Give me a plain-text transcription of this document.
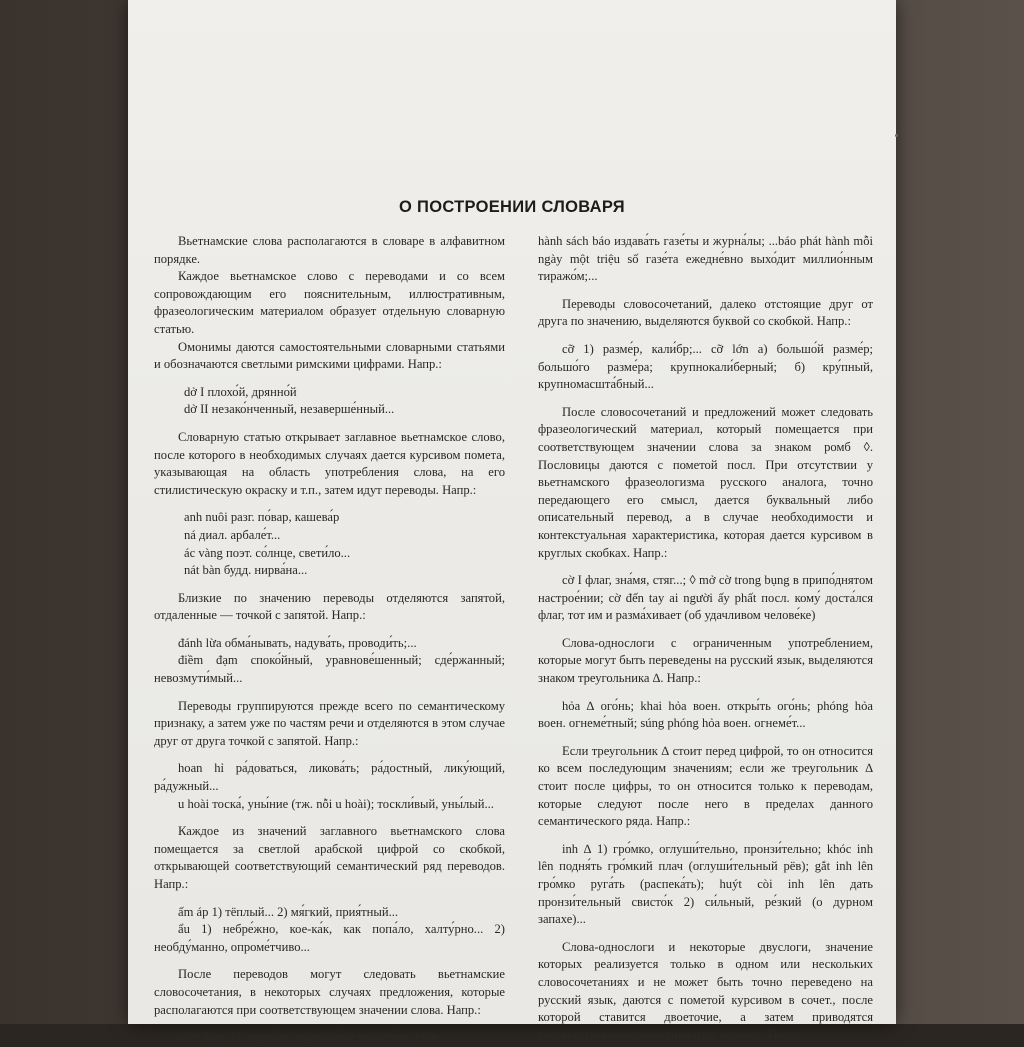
О ПОСТРОЕНИИ СЛОВАРЯ

Вьетнамские слова располагаются в словаре в алфавитном порядке.

Каждое вьетнамское слово с переводами и со всем сопровождающим его пояснительным, иллюстративным, фразеологическим материалом образует отдельную словарную статью.

Омонимы даются самостоятельными словарными статьями и обозначаются светлыми римскими цифрами. Напр.:

dở I плохо́й, дрянно́й

dở II незако́нченный, незаверше́нный...

Словарную статью открывает заглавное вьетнамское слово, после которого в необходимых случаях дается курсивом помета, указывающая на область употребления слова, на его стилистическую окраску и т.п., затем идут переводы. Напр.:

anh nuôi разг. по́вар, кашева́р

ná диал. арбале́т...

ác vàng поэт. со́лнце, свети́ло...

nát bàn будд. нирва́на...

Близкие по значению переводы отделяются запятой, отдаленные — точкой с запятой. Напр.:

đánh lừa обма́нывать, надува́ть, проводи́ть;...

điềm đạm споко́йный, уравнове́шенный; сде́ржанный; невозмути́мый...

Переводы группируются прежде всего по семантическому признаку, а затем уже по частям речи и отделяются в этом случае друг от друга точкой с запятой. Напр.:

hoan hỉ ра́доваться, ликова́ть; ра́достный, лику́ющий, ра́дужный...

u hoài тоска́, уны́ние (тж. nỗi u hoài); тоскли́вый, уны́лый...

Каждое из значений заглавного вьетнамского слова помещается за светлой арабской цифрой со скобкой, открывающей соответствующий семантический ряд переводов. Напр.:

ấm áp 1) тёплый... 2) мя́гкий, прия́тный...

ẩu 1) небре́жно, кое-ка́к, как попа́ло, халту́рно... 2) необду́манно, опроме́тчиво...

После переводов могут следовать вьетнамские словосочетания, в некоторых случаях предложения, которые располагаются при соответствующем значении слова. Напр.:

phát hành 1) издава́ть, выпуска́ть; выходи́ть; phát

hành sách báo издава́ть газе́ты и журна́лы; ...báo phát hành mỗi ngày một triệu số газе́та ежедне́вно выхо́дит миллио́нным тиражо́м;...

Переводы словосочетаний, далеко отстоящие друг от друга по значению, выделяются буквой со скобкой. Напр.:

cỡ 1) разме́р, кали́бр;... cỡ lớn а) большо́й разме́р; большо́го разме́ра; крупнокали́берный; б) кру́пный, крупномасшта́бный...

После словосочетаний и предложений может следовать фразеологический материал, который помещается при соответствующем значении слова за знаком ромб ◊. Пословицы даются с пометой посл. При отсутствии у вьетнамского фразеологизма русского аналога, точно передающего его смысл, дается буквальный либо описательный перевод, а в случае необходимости и контекстуальная характеристика, которая дается курсивом в круглых скобках. Напр.:

cờ I флаг, зна́мя, стяг...; ◊ mở cờ trong bụng в припо́днятом настрое́нии; cờ đến tay ai người ấy phất посл. кому́ доста́лся флаг, тот им и разма́хивает (об удачливом челове́ке)

Слова-однослоги с ограниченным употреблением, которые могут быть переведены на русский язык, выделяются знаком треугольника ∆. Напр.:

hỏa ∆ ого́нь; khai hỏa воен. откры́ть ого́нь; phóng hỏa воен. огнеме́тный; súng phóng hỏa воен. огнеме́т...

Если треугольник ∆ стоит перед цифрой, то он относится ко всем последующим значениям; если же треугольник ∆ стоит после цифры, то он относится только к переводам, которые следуют после него в пределах данного семантического ряда. Напр.:

inh ∆ 1) гро́мко, оглуши́тельно, пронзи́тельно; khóc inh lên подня́ть гро́мкий плач (оглуши́тельный рёв); gắt inh lên гро́мко руга́ть (распека́ть); huýt còi inh lên дать пронзи́тельный свисто́к 2) си́льный, ре́зкий (о дурном запахе)...

Слова-однослоги и некоторые двуслоги, значение которых реализуется только в одном или нескольких словосочетаниях и не может быть точно переведено на русский язык, даются с пометой курсивом в сочет., после которой ставится двоеточие, а затем приводятся соответствующие сочетания и их перевод. Напр.:
